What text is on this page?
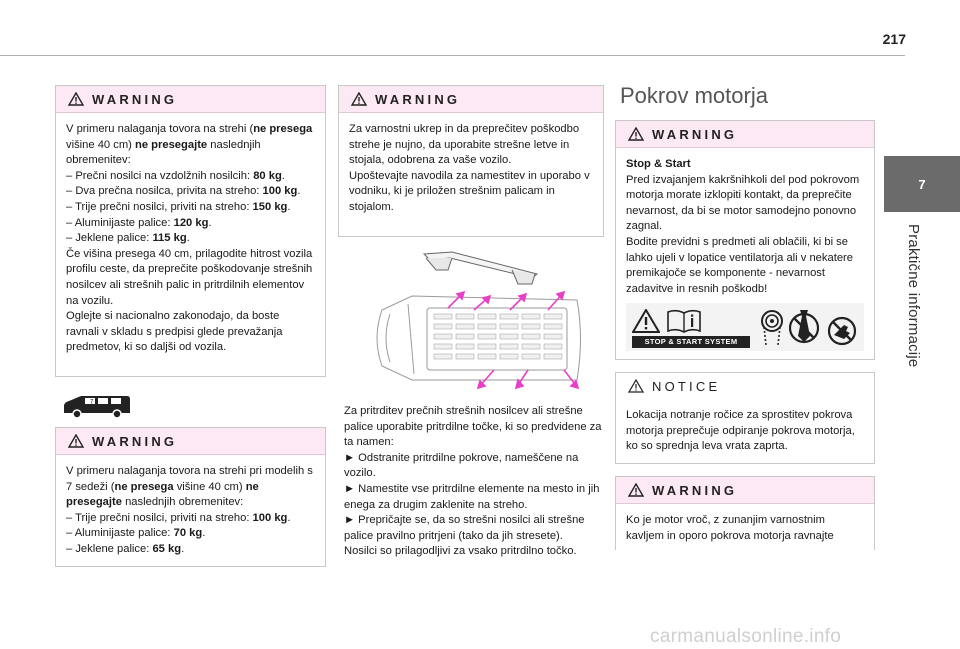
217
7
Praktične informacije
WARNING

V primeru nalaganja tovora na strehi (ne presega višine 40 cm) ne presegajte naslednjih obremenitev:

– Prečni nosilci na vzdolžnih nosilcih: 80 kg.

– Dva prečna nosilca, privita na streho: 100 kg.

– Trije prečni nosilci, priviti na streho: 150 kg.

– Aluminijaste palice: 120 kg.

– Jeklene palice: 115 kg.

Če višina presega 40 cm, prilagodite hitrost vozila profilu ceste, da preprečite poškodovanje strešnih nosilcev ali strešnih palic in pritrdilnih elementov na vozilu.

Oglejte si nacionalno zakonodajo, da boste ravnali v skladu s predpisi glede prevažanja predmetov, ki so daljši od vozila.

7
WARNING

V primeru nalaganja tovora na strehi pri modelih s 7 sedeži (ne presega višine 40 cm) ne presegajte naslednjih obremenitev:

– Trije prečni nosilci, priviti na streho: 100 kg.

– Aluminijaste palice: 70 kg.

– Jeklene palice: 65 kg.

WARNING

Za varnostni ukrep in da preprečitev poškodbo strehe je nujno, da uporabite strešne letve in stojala, odobrena za vaše vozilo.

Upoštevajte navodila za namestitev in uporabo v vodniku, ki je priložen strešnim palicam in stojalom.

Za pritrditev prečnih strešnih nosilcev ali strešne palice uporabite pritrdilne točke, ki so predvidene za ta namen:

► Odstranite pritrdilne pokrove, nameščene na vozilo.

► Namestite vse pritrdilne elemente na mesto in jih enega za drugim zaklenite na streho.

► Prepričajte se, da so strešni nosilci ali strešne palice pravilno pritrjeni (tako da jih stresete).

Nosilci so prilagodljivi za vsako pritrdilno točko.

Pokrov motorja
WARNING

Stop & Start

Pred izvajanjem kakršnihkoli del pod pokrovom motorja morate izklopiti kontakt, da preprečite nevarnost, da bi se motor samodejno ponovno zagnal.

Bodite previdni s predmeti ali oblačili, ki bi se lahko ujeli v lopatice ventilatorja ali v nekatere premikajoče se komponente - nevarnost zadavitve in resnih poškodb!

STOP & START SYSTEM
NOTICE

Lokacija notranje ročice za sprostitev pokrova motorja preprečuje odpiranje pokrova motorja, ko so sprednja leva vrata zaprta.

WARNING

Ko je motor vroč, z zunanjim varnostnim kavljem in oporo pokrova motorja ravnajte

carmanualsonline.info
